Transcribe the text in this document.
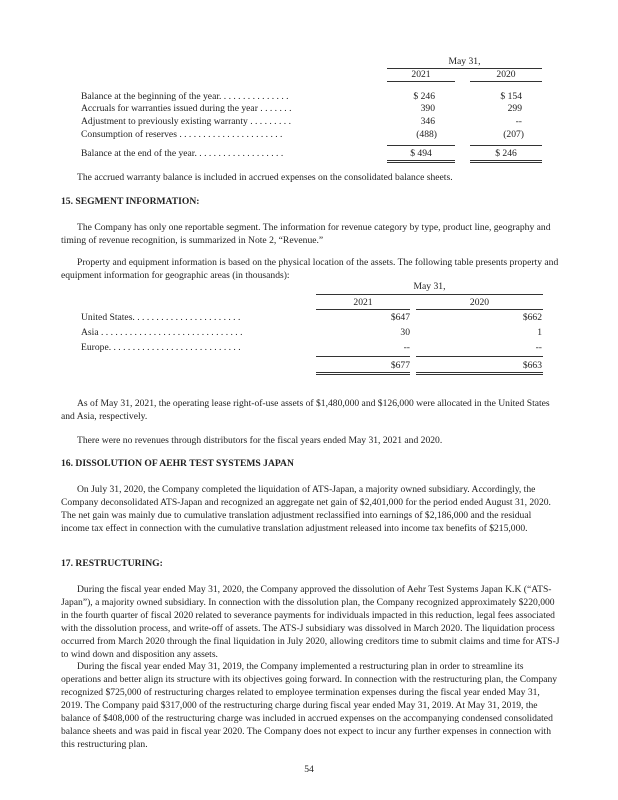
May 31,
2021	2020
Balance at the beginning of the year. . . . . . . . . . . . . . .	$ 246	$ 154
Accruals for warranties issued during the year . . . . . . .	390	299
Adjustment to previously existing warranty . . . . . . . . .	346	--
Consumption of reserves . . . . . . . . . . . . . . . . . . . . . .	(488)	(207)
Balance at the end of the year. . . . . . . . . . . . . . . . . . .	$ 494	$ 246
The accrued warranty balance is included in accrued expenses on the consolidated balance sheets.
15. SEGMENT INFORMATION:
The Company has only one reportable segment. The information for revenue category by type, product line, geography and timing of revenue recognition, is summarized in Note 2, “Revenue.”
Property and equipment information is based on the physical location of the assets. The following table presents property and equipment information for geographic areas (in thousands):
May 31,
2021	2020
United States. . . . . . . . . . . . . . . . . . . . . . .	$647	$662
Asia . . . . . . . . . . . . . . . . . . . . . . . . . . . . . .	30	1
Europe. . . . . . . . . . . . . . . . . . . . . . . . . . . .	--	--
$677	$663
As of May 31, 2021, the operating lease right-of-use assets of $1,480,000 and $126,000 were allocated in the United States and Asia, respectively.
There were no revenues through distributors for the fiscal years ended May 31, 2021 and 2020.
16. DISSOLUTION OF AEHR TEST SYSTEMS JAPAN
On July 31, 2020, the Company completed the liquidation of ATS-Japan, a majority owned subsidiary. Accordingly, the Company deconsolidated ATS-Japan and recognized an aggregate net gain of $2,401,000 for the period ended August 31, 2020. The net gain was mainly due to cumulative translation adjustment reclassified into earnings of $2,186,000 and the residual income tax effect in connection with the cumulative translation adjustment released into income tax benefits of $215,000.
17. RESTRUCTURING:
During the fiscal year ended May 31, 2020, the Company approved the dissolution of Aehr Test Systems Japan K.K (“ATS-Japan”), a majority owned subsidiary. In connection with the dissolution plan, the Company recognized approximately $220,000 in the fourth quarter of fiscal 2020 related to severance payments for individuals impacted in this reduction, legal fees associated with the dissolution process, and write-off of assets. The ATS-J subsidiary was dissolved in March 2020. The liquidation process occurred from March 2020 through the final liquidation in July 2020, allowing creditors time to submit claims and time for ATS-J to wind down and disposition any assets.
During the fiscal year ended May 31, 2019, the Company implemented a restructuring plan in order to streamline its operations and better align its structure with its objectives going forward. In connection with the restructuring plan, the Company recognized $725,000 of restructuring charges related to employee termination expenses during the fiscal year ended May 31, 2019. The Company paid $317,000 of the restructuring charge during fiscal year ended May 31, 2019. At May 31, 2019, the balance of $408,000 of the restructuring charge was included in accrued expenses on the accompanying condensed consolidated balance sheets and was paid in fiscal year 2020. The Company does not expect to incur any further expenses in connection with this restructuring plan.
54
